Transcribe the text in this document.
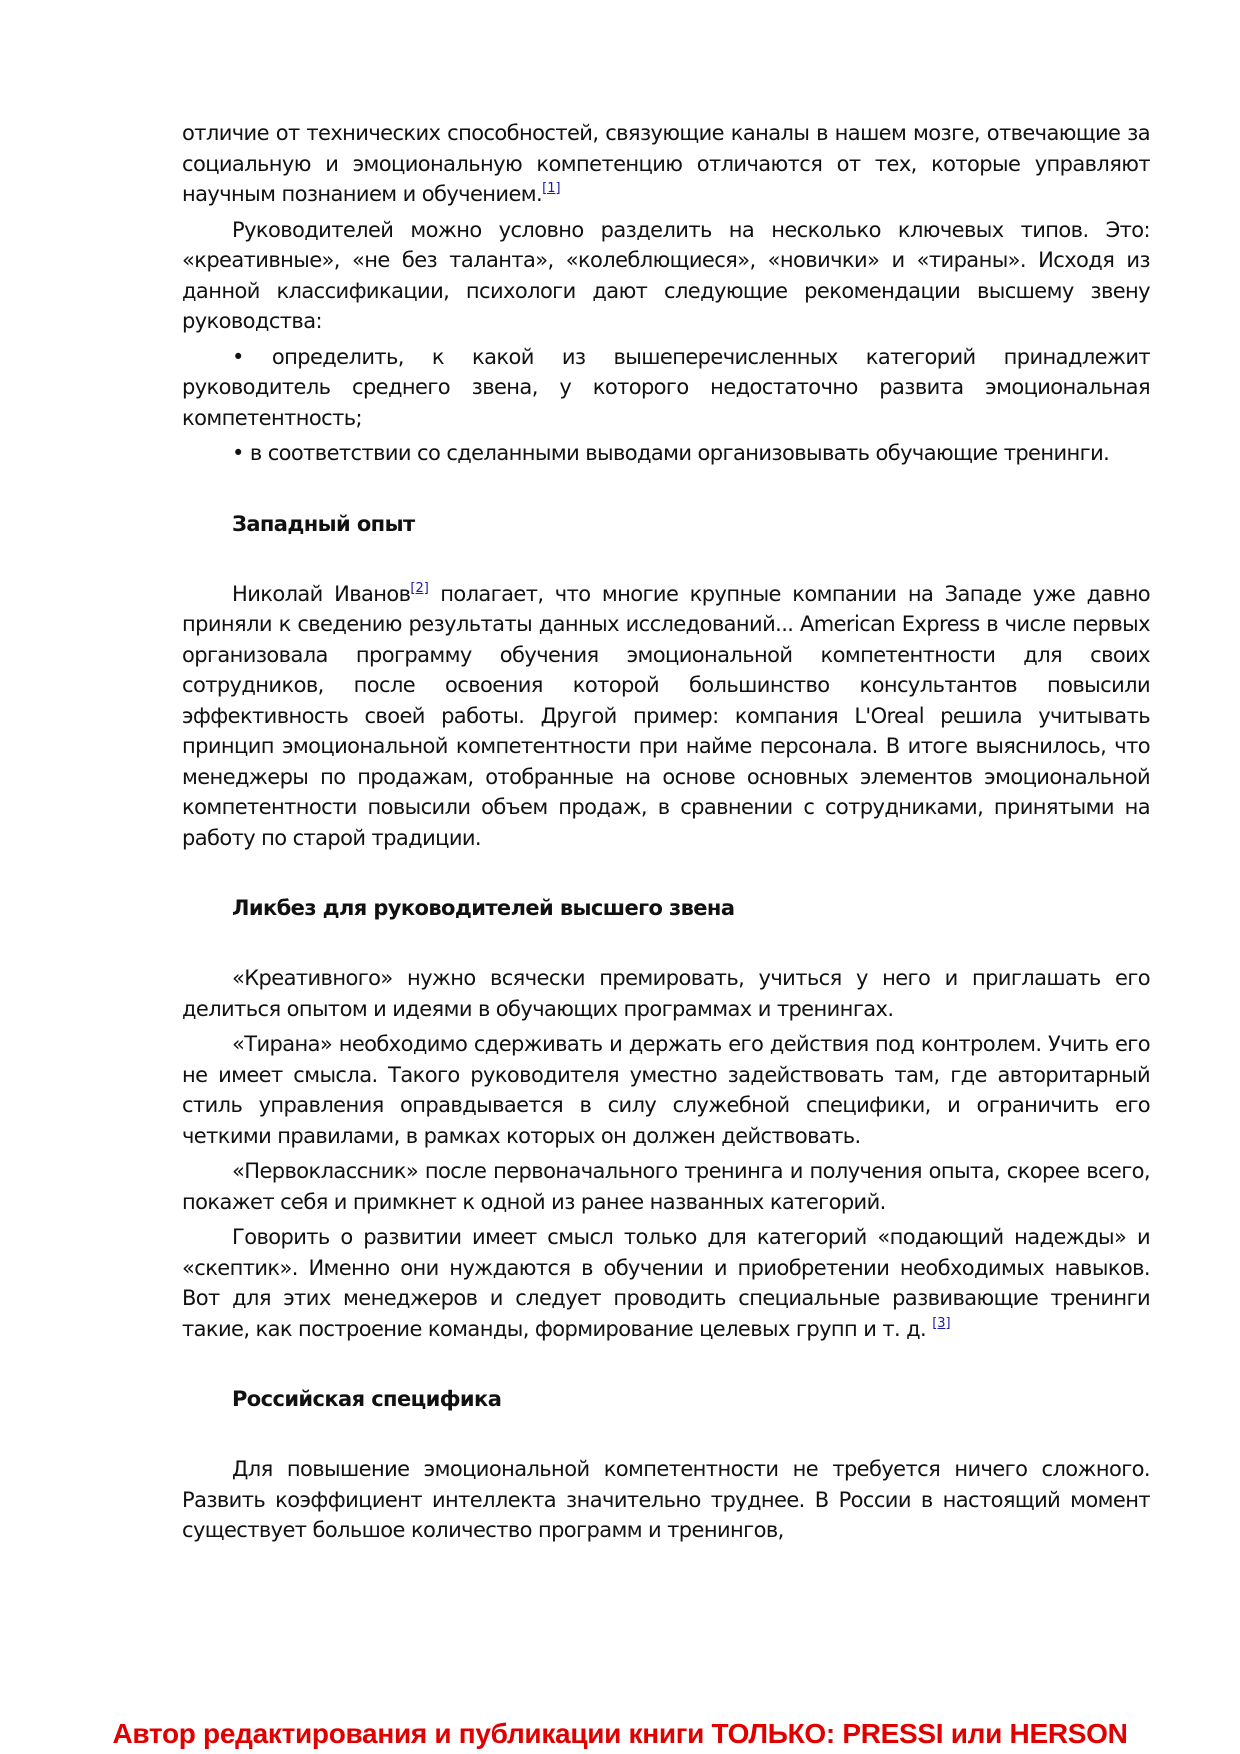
отличие от технических способностей, связующие каналы в нашем мозге, отвечающие за социальную и эмоциональную компетенцию отличаются от тех, которые управляют научным познанием и обучением.[1]

Руководителей можно условно разделить на несколько ключевых типов. Это: «креативные», «не без таланта», «колеблющиеся», «новички» и «тираны». Исходя из данной классификации, психологи дают следующие рекомендации высшему звену руководства:

• определить, к какой из вышеперечисленных категорий принадлежит руководитель среднего звена, у которого недостаточно развита эмоциональная компетентность;

• в соответствии со сделанными выводами организовывать обучающие тренинги.

Западный опыт

Николай Иванов[2] полагает, что многие крупные компании на Западе уже давно приняли к сведению результаты данных исследований... American Express в числе первых организовала программу обучения эмоциональной компетентности для своих сотрудников, после освоения которой большинство консультантов повысили эффективность своей работы. Другой пример: компания L'Oreal решила учитывать принцип эмоциональной компетентности при найме персонала. В итоге выяснилось, что менеджеры по продажам, отобранные на основе основных элементов эмоциональной компетентности повысили объем продаж, в сравнении с сотрудниками, принятыми на работу по старой традиции.

Ликбез для руководителей высшего звена

«Креативного» нужно всячески премировать, учиться у него и приглашать его делиться опытом и идеями в обучающих программах и тренингах.

«Тирана» необходимо сдерживать и держать его действия под контролем. Учить его не имеет смысла. Такого руководителя уместно задействовать там, где авторитарный стиль управления оправдывается в силу служебной специфики, и ограничить его четкими правилами, в рамках которых он должен действовать.

«Первоклассник» после первоначального тренинга и получения опыта, скорее всего, покажет себя и примкнет к одной из ранее названных категорий.

Говорить о развитии имеет смысл только для категорий «подающий надежды» и «скептик». Именно они нуждаются в обучении и приобретении необходимых навыков. Вот для этих менеджеров и следует проводить специальные развивающие тренинги такие, как построение команды, формирование целевых групп и т. д. [3]

Российская специфика

Для повышение эмоциональной компетентности не требуется ничего сложного. Развить коэффициент интеллекта значительно труднее. В России в настоящий момент существует большое количество программ и тренингов,

Автор редактирования и публикации книги ТОЛЬКО: PRESSI или HERSON
